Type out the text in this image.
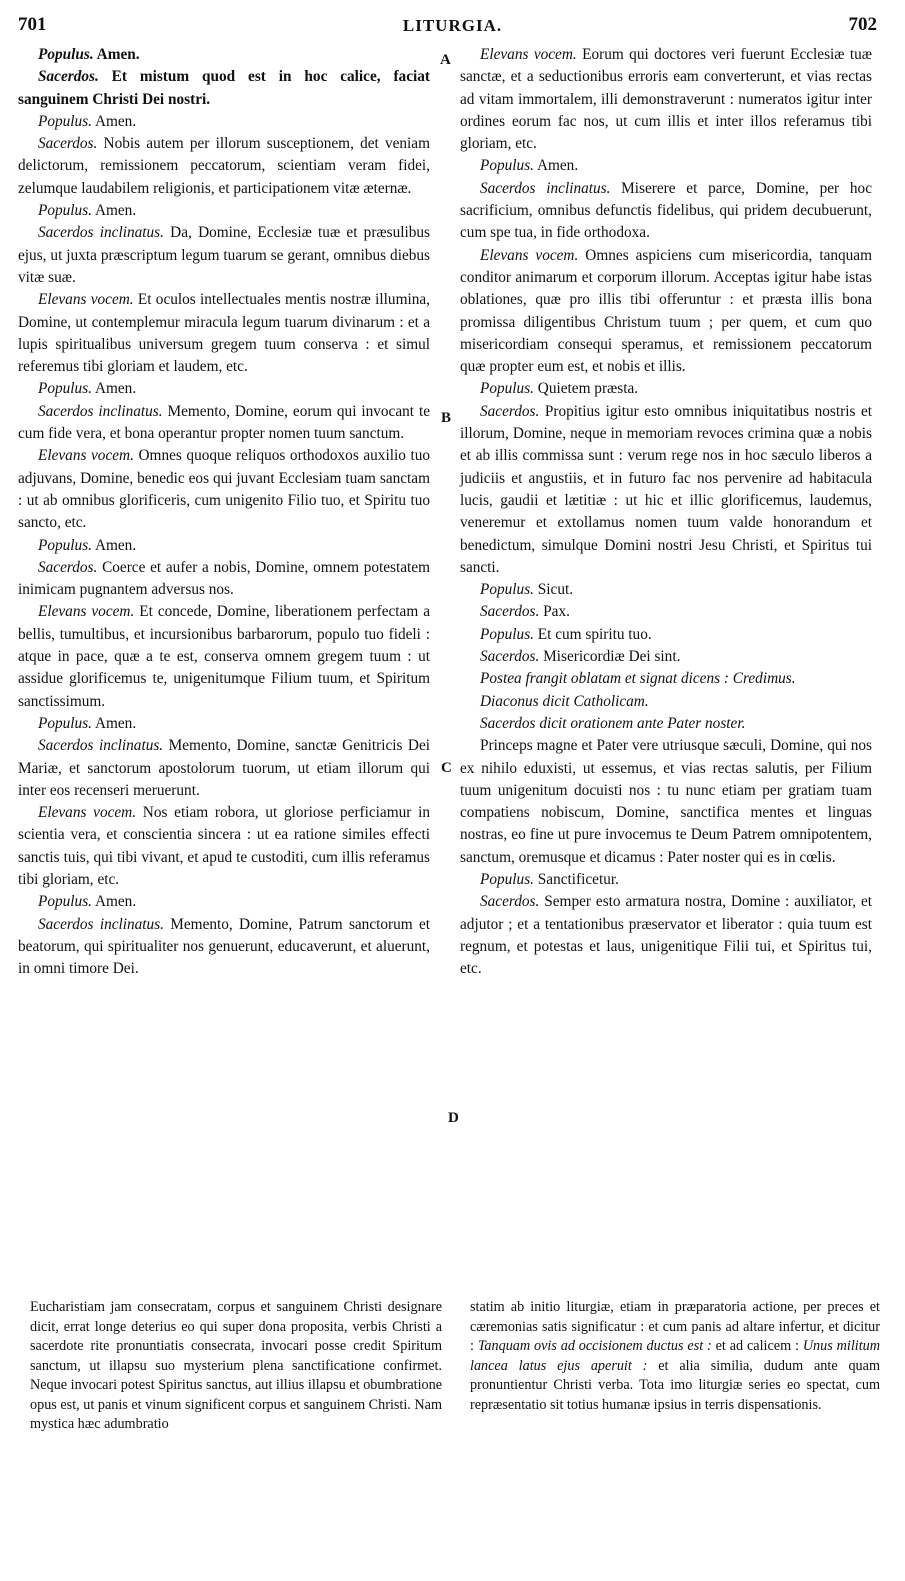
701	LITURGIA.	702
A
B
C
D

Populus. Amen.

Sacerdos. Et mistum quod est in hoc calice, faciat sanguinem Christi Dei nostri.

Populus. Amen.

Sacerdos. Nobis autem per illorum susceptionem, det veniam delictorum, remissionem peccatorum, scientiam veram fidei, zelumque laudabilem religionis, et participationem vitæ æternæ.

Populus. Amen.

Sacerdos inclinatus. Da, Domine, Ecclesiæ tuæ et præsulibus ejus, ut juxta præscriptum legum tuarum se gerant, omnibus diebus vitæ suæ.

Elevans vocem. Et oculos intellectuales mentis nostræ illumina, Domine, ut contemplemur miracula legum tuarum divinarum : et a lupis spiritualibus universum gregem tuum conserva : et simul referemus tibi gloriam et laudem, etc.

Populus. Amen.

Sacerdos inclinatus. Memento, Domine, eorum qui invocant te cum fide vera, et bona operantur propter nomen tuum sanctum.

Elevans vocem. Omnes quoque reliquos orthodoxos auxilio tuo adjuvans, Domine, benedic eos qui juvant Ecclesiam tuam sanctam : ut ab omnibus glorificeris, cum unigenito Filio tuo, et Spiritu tuo sancto, etc.

Populus. Amen.

Sacerdos. Coerce et aufer a nobis, Domine, omnem potestatem inimicam pugnantem adversus nos.

Elevans vocem. Et concede, Domine, liberationem perfectam a bellis, tumultibus, et incursionibus barbarorum, populo tuo fideli : atque in pace, quæ a te est, conserva omnem gregem tuum : ut assidue glorificemus te, unigenitumque Filium tuum, et Spiritum sanctissimum.

Populus. Amen.

Sacerdos inclinatus. Memento, Domine, sanctæ Genitricis Dei Mariæ, et sanctorum apostolorum tuorum, ut etiam illorum qui inter eos recenseri meruerunt.

Elevans vocem. Nos etiam robora, ut gloriose perficiamur in scientia vera, et conscientia sincera : ut ea ratione similes effecti sanctis tuis, qui tibi vivant, et apud te custoditi, cum illis referamus tibi gloriam, etc.

Populus. Amen.

Sacerdos inclinatus. Memento, Domine, Patrum sanctorum et beatorum, qui spiritualiter nos genuerunt, educaverunt, et aluerunt, in omni timore Dei.

Elevans vocem. Eorum qui doctores veri fuerunt Ecclesiæ tuæ sanctæ, et a seductionibus erroris eam converterunt, et vias rectas ad vitam immortalem, illi demonstraverunt : numeratos igitur inter ordines eorum fac nos, ut cum illis et inter illos referamus tibi gloriam, etc.

Populus. Amen.

Sacerdos inclinatus. Miserere et parce, Domine, per hoc sacrificium, omnibus defunctis fidelibus, qui pridem decubuerunt, cum spe tua, in fide orthodoxa.

Elevans vocem. Omnes aspiciens cum misericordia, tanquam conditor animarum et corporum illorum. Acceptas igitur habe istas oblationes, quæ pro illis tibi offeruntur : et præsta illis bona promissa diligentibus Christum tuum ; per quem, et cum quo misericordiam consequi speramus, et remissionem peccatorum quæ propter eum est, et nobis et illis.

Populus. Quietem præsta.

Sacerdos. Propitius igitur esto omnibus iniquitatibus nostris et illorum, Domine, neque in memoriam revoces crimina quæ a nobis et ab illis commissa sunt : verum rege nos in hoc sæculo liberos a judiciis et angustiis, et in futuro fac nos pervenire ad habitacula lucis, gaudii et lætitiæ : ut hic et illic glorificemus, laudemus, veneremur et extollamus nomen tuum valde honorandum et benedictum, simulque Domini nostri Jesu Christi, et Spiritus tui sancti.

Populus. Sicut.

Sacerdos. Pax.

Populus. Et cum spiritu tuo.

Sacerdos. Misericordiæ Dei sint.

Postea frangit oblatam et signat dicens : Credimus.

Diaconus dicit Catholicam.

Sacerdos dicit orationem ante Pater noster.

Princeps magne et Pater vere utriusque sæculi, Domine, qui nos ex nihilo eduxisti, ut essemus, et vias rectas salutis, per Filium tuum unigenitum docuisti nos : tu nunc etiam per gratiam tuam compatiens nobiscum, Domine, sanctifica mentes et linguas nostras, eo fine ut pure invocemus te Deum Patrem omnipotentem, sanctum, oremusque et dicamus : Pater noster qui es in cœlis.

Populus. Sanctificetur.

Sacerdos. Semper esto armatura nostra, Domine : auxiliator, et adjutor ; et a tentationibus præservator et liberator : quia tuum est regnum, et potestas et laus, unigenitique Filii tui, et Spiritus tui, etc.

Eucharistiam jam consecratam, corpus et sanguinem Christi designare dicit, errat longe deterius eo qui super dona proposita, verbis Christi a sacerdote rite pronuntiatis consecrata, invocari posse credit Spiritum sanctum, ut illapsu suo mysterium plena sanctificatione confirmet. Neque invocari potest Spiritus sanctus, aut illius illapsu et obumbratione opus est, ut panis et vinum significent corpus et sanguinem Christi. Nam mystica hæc adumbratio

statim ab initio liturgiæ, etiam in præparatoria actione, per preces et cæremonias satis significatur : et cum panis ad altare infertur, et dicitur : Tanquam ovis ad occisionem ductus est : et ad calicem : Unus militum lancea latus ejus aperuit : et alia similia, dudum ante quam pronuntientur Christi verba. Tota imo liturgiæ series eo spectat, cum repræsentatio sit totius humanæ ipsius in terris dispensationis.
